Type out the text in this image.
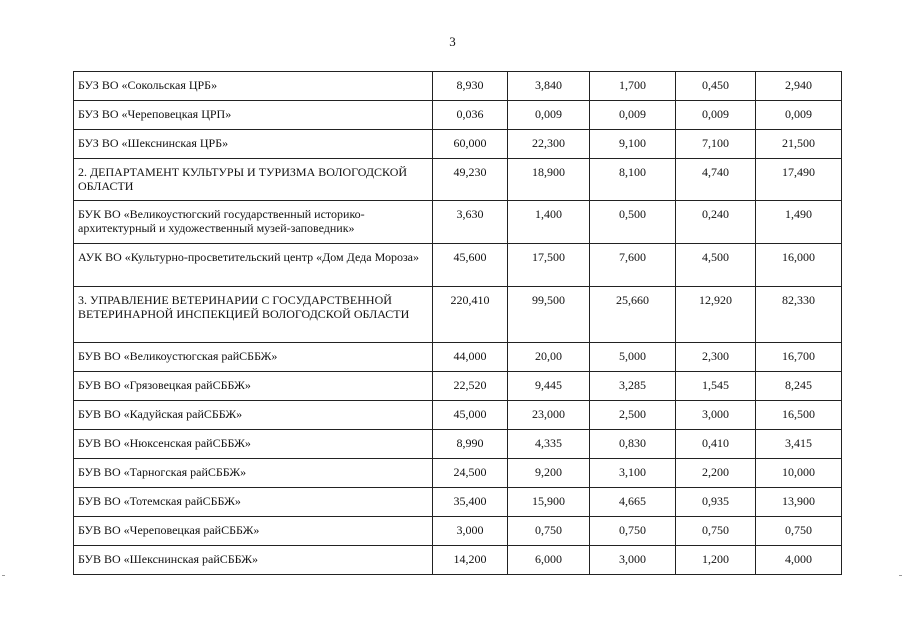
3
БУЗ ВО «Сокольская ЦРБ»	8,930	3,840	1,700	0,450	2,940
БУЗ ВО «Череповецкая ЦРП»	0,036	0,009	0,009	0,009	0,009
БУЗ ВО «Шекснинская ЦРБ»	60,000	22,300	9,100	7,100	21,500
2. ДЕПАРТАМЕНТ КУЛЬТУРЫ И ТУРИЗМА ВОЛОГОДСКОЙ ОБЛАСТИ	49,230	18,900	8,100	4,740	17,490
БУК ВО «Великоустюгский государственный историко-архитектурный и художественный музей-заповедник»	3,630	1,400	0,500	0,240	1,490
АУК ВО «Культурно-просветительский центр «Дом Деда Мороза»	45,600	17,500	7,600	4,500	16,000
3. УПРАВЛЕНИЕ ВЕТЕРИНАРИИ С ГОСУДАРСТВЕННОЙ ВЕТЕРИНАРНОЙ ИНСПЕКЦИЕЙ ВОЛОГОДСКОЙ ОБЛАСТИ	220,410	99,500	25,660	12,920	82,330
БУВ ВО «Великоустюгская райСББЖ»	44,000	20,00	5,000	2,300	16,700
БУВ ВО «Грязовецкая райСББЖ»	22,520	9,445	3,285	1,545	8,245
БУВ ВО «Кадуйская райСББЖ»	45,000	23,000	2,500	3,000	16,500
БУВ ВО «Нюксенская райСББЖ»	8,990	4,335	0,830	0,410	3,415
БУВ ВО «Тарногская райСББЖ»	24,500	9,200	3,100	2,200	10,000
БУВ ВО «Тотемская райСББЖ»	35,400	15,900	4,665	0,935	13,900
БУВ ВО «Череповецкая райСББЖ»	3,000	0,750	0,750	0,750	0,750
БУВ ВО «Шекснинская райСББЖ»	14,200	6,000	3,000	1,200	4,000
